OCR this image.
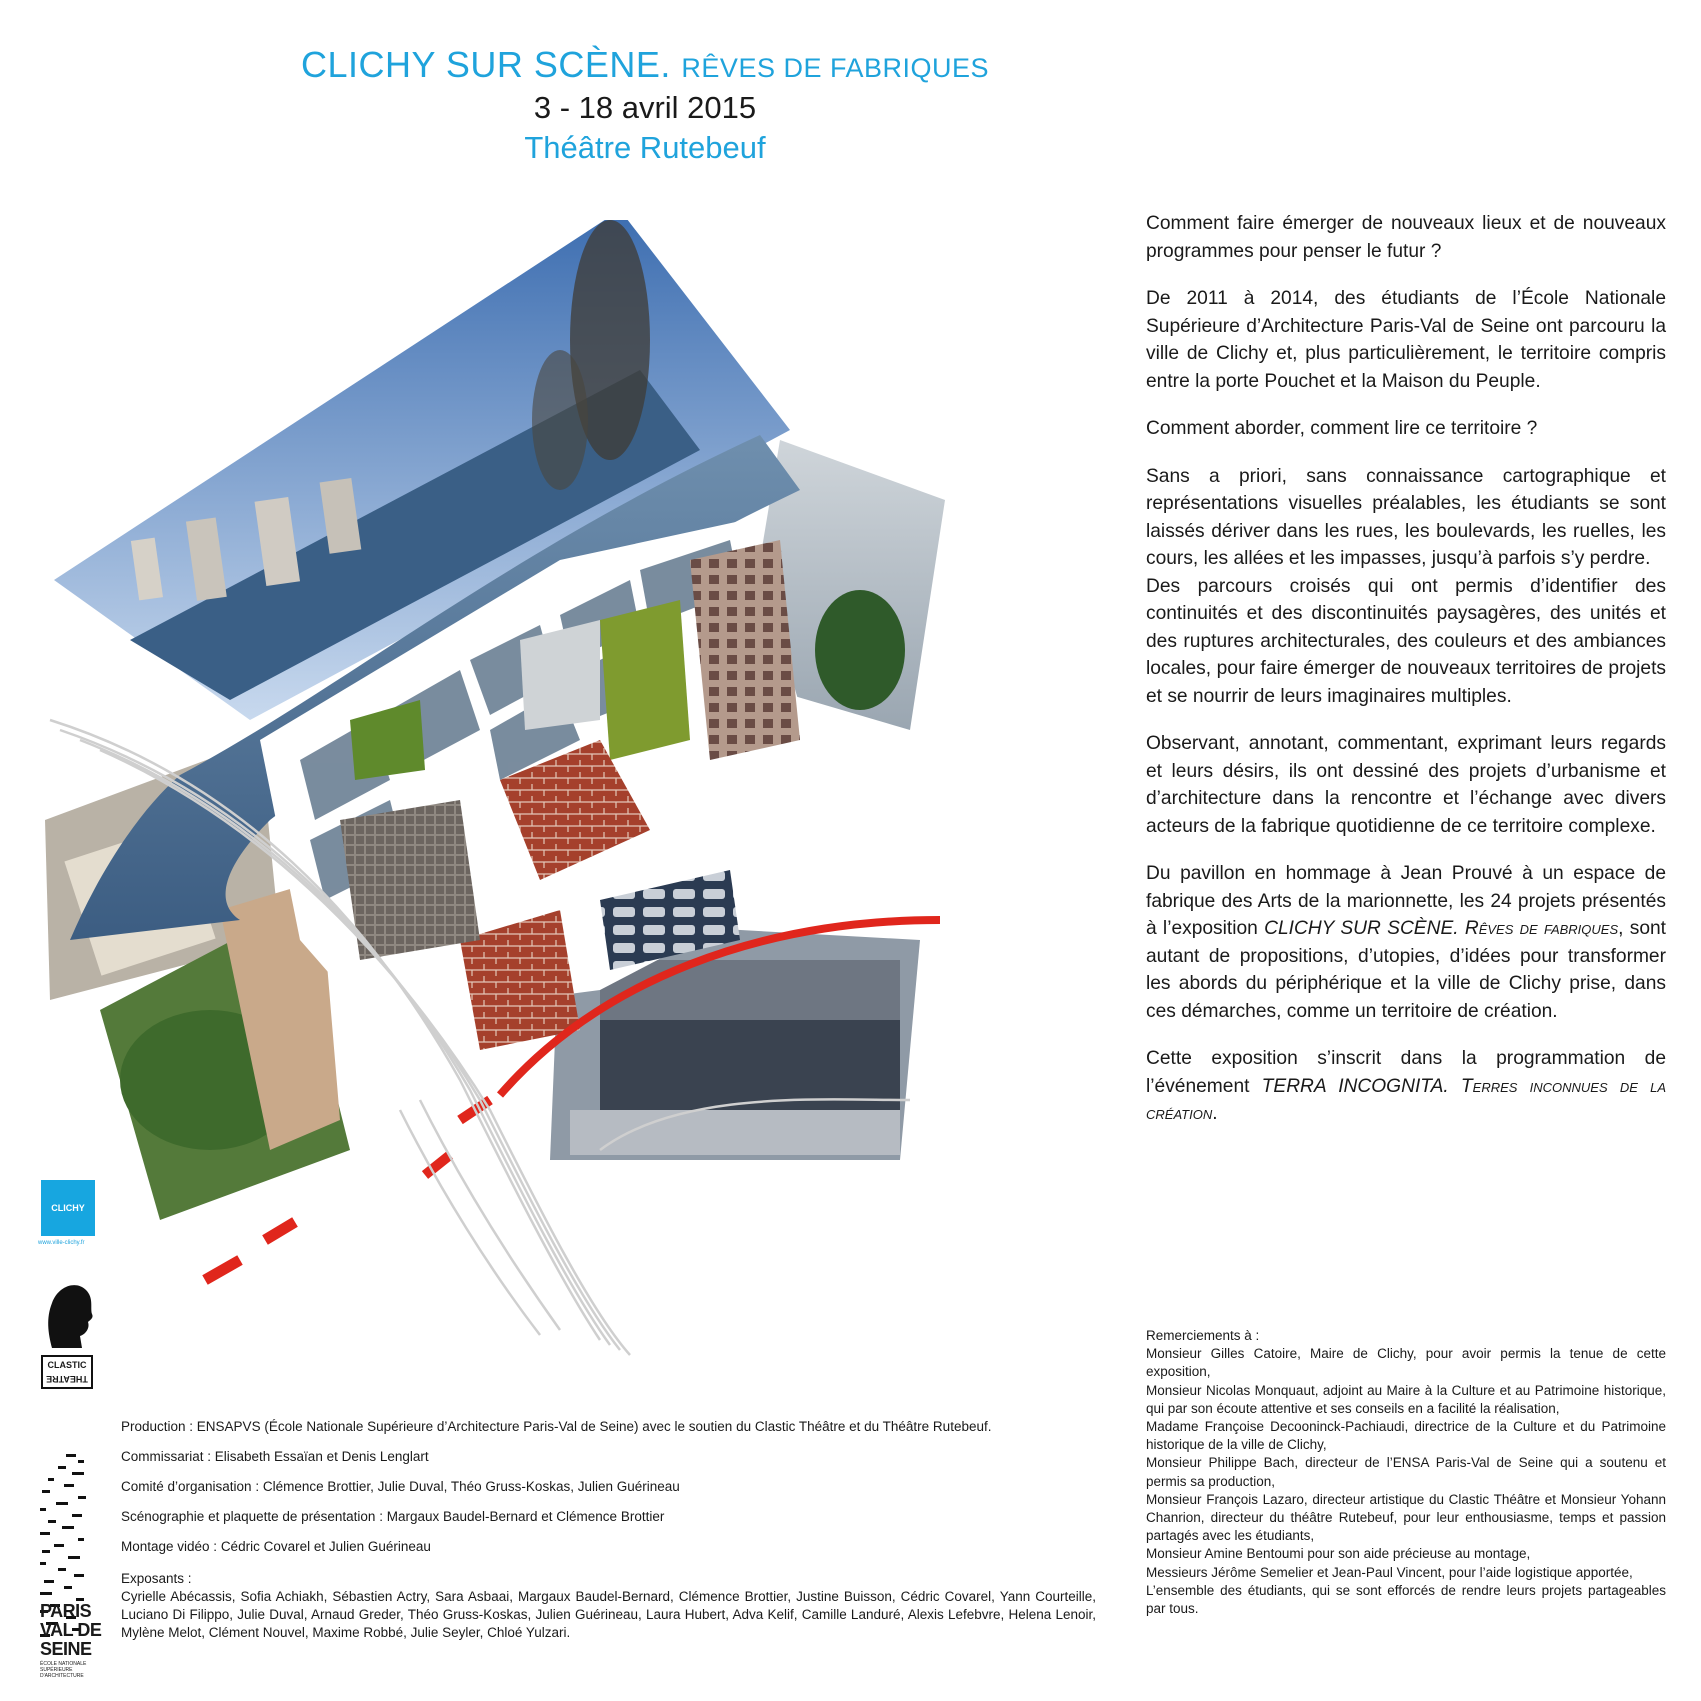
CLICHY SUR SCÈNE. RÊVES DE FABRIQUES
3 - 18 avril 2015
Théâtre Rutebeuf

Comment faire émerger de nouveaux lieux et de nouveaux programmes pour penser le futur ?

De 2011 à 2014, des étudiants de l’École Nationale Supérieure d’Architecture Paris-Val de Seine ont parcouru la ville de Clichy et, plus particulièrement, le territoire compris entre la porte Pouchet et la Maison du Peuple.

Comment aborder, comment lire ce territoire ?

Sans a priori, sans connaissance cartographique et représentations visuelles préalables, les étudiants se sont laissés dériver dans les rues, les boulevards, les ruelles, les cours, les allées et les impasses, jusqu’à parfois s’y perdre.

Des parcours croisés qui ont permis d’identifier des continuités et des discontinuités paysagères, des unités et des ruptures architecturales, des couleurs et des ambiances locales, pour faire émerger de nouveaux territoires de projets et se nourrir de leurs imaginaires multiples.

Observant, annotant, commentant, exprimant leurs regards et leurs désirs, ils ont dessiné des projets d’urbanisme et d’architecture dans la rencontre et l’échange avec divers acteurs de la fabrique quotidienne de ce territoire complexe.

Du pavillon en hommage à Jean Prouvé à un espace de fabrique des Arts de la marionnette, les 24 projets présentés à l’exposition CLICHY SUR SCÈNE. Rêves de fabriques, sont autant de propositions, d’utopies, d’idées pour transformer les abords du périphérique et la ville de Clichy prise, dans ces démarches, comme un territoire de création.

Cette exposition s’inscrit dans la programmation de l’événement TERRA INCOGNITA. Terres inconnues de la création.

Remerciements à :
Monsieur Gilles Catoire, Maire de Clichy, pour avoir permis la tenue de cette exposition,
Monsieur Nicolas Monquaut, adjoint au Maire à la Culture et au Patrimoine historique, qui par son écoute attentive et ses conseils en a facilité la réalisation,
Madame Françoise Decooninck-Pachiaudi, directrice de la Culture et du Patrimoine historique de la ville de Clichy,
Monsieur Philippe Bach, directeur de l’ENSA Paris-Val de Seine qui a soutenu et permis sa production,
Monsieur François Lazaro, directeur artistique du Clastic Théâtre et Monsieur Yohann Chanrion, directeur du théâtre Rutebeuf, pour leur enthousiasme, temps et passion partagés avec les étudiants,
Monsieur Amine Bentoumi pour son aide précieuse au montage,
Messieurs Jérôme Semelier et Jean-Paul Vincent, pour l’aide logistique apportée,
L’ensemble des étudiants, qui se sont efforcés de rendre leurs projets partageables par tous.

Production : ENSAPVS (École Nationale Supérieure d’Architecture Paris-Val de Seine) avec le soutien du Clastic Théâtre et du Théâtre Rutebeuf.

Commissariat : Elisabeth Essaïan et Denis Lenglart

Comité d’organisation : Clémence Brottier, Julie Duval, Théo Gruss-Koskas, Julien Guérineau

Scénographie et plaquette de présentation : Margaux Baudel-Bernard et Clémence Brottier

Montage vidéo : Cédric Covarel et Julien Guérineau

Exposants :

Cyrielle Abécassis, Sofia Achiakh, Sébastien Actry, Sara Asbaai, Margaux Baudel-Bernard, Clémence Brottier, Justine Buisson, Cédric Covarel, Yann Courteille, Luciano Di Filippo, Julie Duval, Arnaud Greder, Théo Gruss-Koskas, Julien Guérineau, Laura Hubert, Adva Kelif, Camille Landuré, Alexis Lefebvre, Helena Lenoir, Mylène Melot, Clément Nouvel, Maxime Robbé, Julie Seyler, Chloé Yulzari.

CLICHY
www.ville-clichy.fr
CLASTIC
THEATRE
PARIS
VAL DE
SEINE
ÉCOLE NATIONALE SUPÉRIEURE D'ARCHITECTURE
